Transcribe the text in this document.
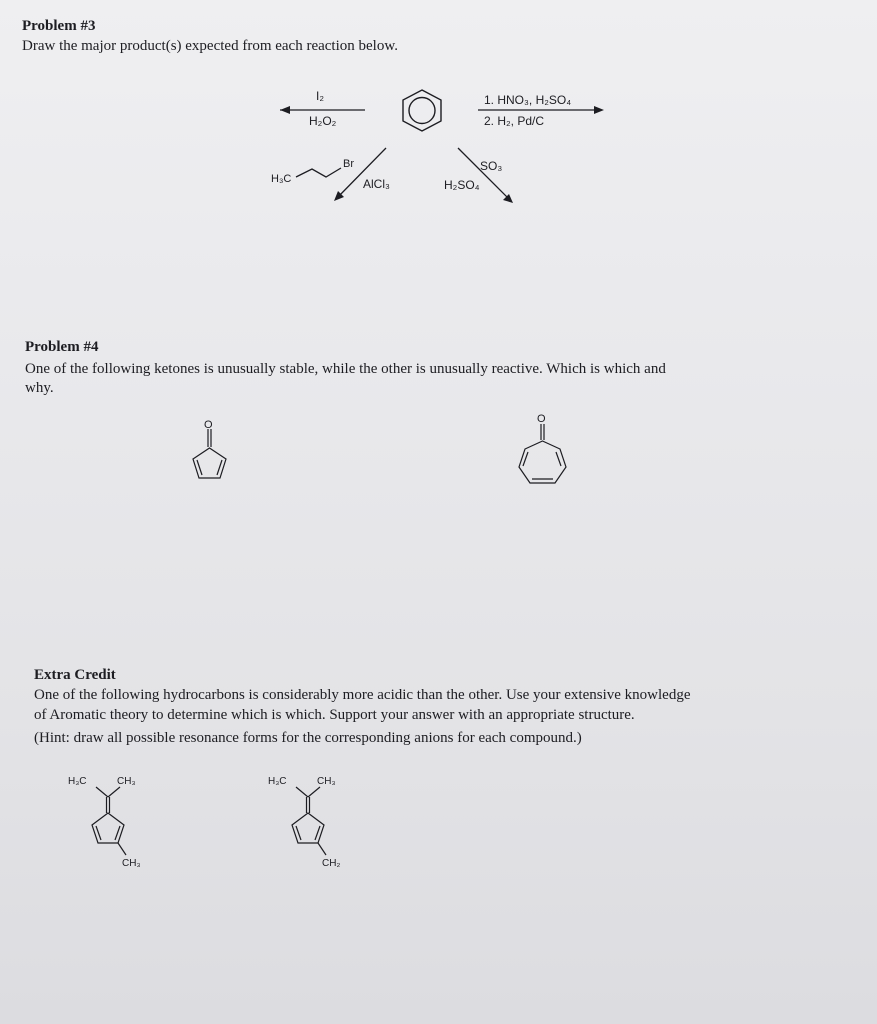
Problem #3
Draw the major product(s) expected from each reaction below.
I₂
H₂O₂
1. HNO₃, H₂SO₄
2. H₂, Pd/C
SO₃
H₂SO₄
H₃C
Br
AlCl₃
Problem #4
One of the following ketones is unusually stable, while the other is unusually reactive. Which is which and
why.
O	O
Extra Credit
One of the following hydrocarbons is considerably more acidic than the other. Use your extensive knowledge
of Aromatic theory to determine which is which. Support your answer with an appropriate structure.
(Hint: draw all possible resonance forms for the corresponding anions for each compound.)
H₃C	CH₃
CH₃
H₃C	CH₃
CH₂
